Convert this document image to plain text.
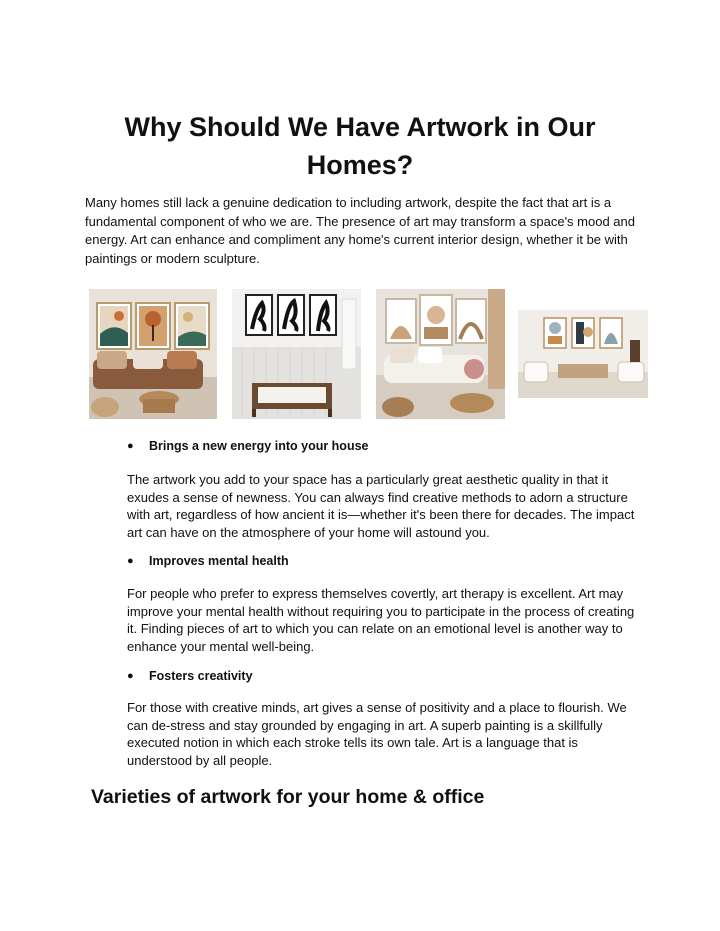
Why Should We Have Artwork in Our Homes?

Many homes still lack a genuine dedication to including artwork, despite the fact that art is a fundamental component of who we are. The presence of art may transform a space's mood and energy. Art can enhance and compliment any home's current interior design, whether it be with paintings or modern sculpture.

●	Brings a new energy into your house

The artwork you add to your space has a particularly great aesthetic quality in that it exudes a sense of newness. You can always find creative methods to adorn a structure with art, regardless of how ancient it is—whether it's been there for decades. The impact art can have on the atmosphere of your home will astound you.

●	Improves mental health

For people who prefer to express themselves covertly, art therapy is excellent. Art may improve your mental health without requiring you to participate in the process of creating it. Finding pieces of art to which you can relate on an emotional level is another way to enhance your mental well-being.

●	Fosters creativity

For those with creative minds, art gives a sense of positivity and a place to flourish. We can de-stress and stay grounded by engaging in art. A superb painting is a skillfully executed notion in which each stroke tells its own tale. Art is a language that is understood by all people.

Varieties of artwork for your home & office
